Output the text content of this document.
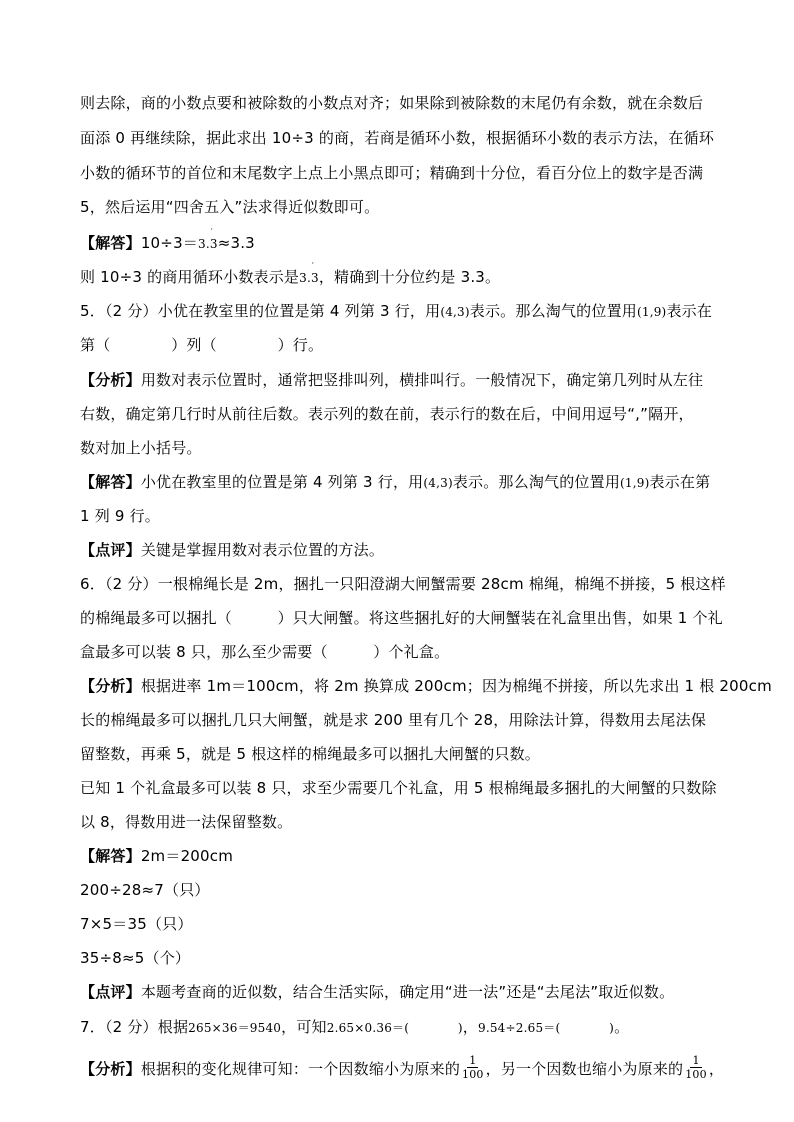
则去除，商的小数点要和被除数的小数点对齐；如果除到被除数的末尾仍有余数，就在余数后
面添 0 再继续除，据此求出 10÷3 的商，若商是循环小数，根据循环小数的表示方法，在循环
小数的循环节的首位和末尾数字上点上小黑点即可；精确到十分位，看百分位上的数字是否满
5，然后运用“四舍五入”法求得近似数即可。
【解答】10÷3＝3.3
·
≈3.3
则 10÷3 的商用循环小数表示是3.3
·
，精确到十分位约是 3.3。
5．（2 分）小优在教室里的位置是第 4 列第 3 行，用(4,3)表示。那么淘气的位置用(1,9)表示在
第（　　　　）列（　　　　）行。
【分析】用数对表示位置时，通常把竖排叫列，横排叫行。一般情况下，确定第几列时从左往
右数，确定第几行时从前往后数。表示列的数在前，表示行的数在后，中间用逗号“,”隔开，
数对加上小括号。
【解答】小优在教室里的位置是第 4 列第 3 行，用(4,3)表示。那么淘气的位置用(1,9)表示在第
1 列 9 行。
【点评】关键是掌握用数对表示位置的方法。
6．（2 分）一根棉绳长是 2m，捆扎一只阳澄湖大闸蟹需要 28cm 棉绳，棉绳不拼接，5 根这样
的棉绳最多可以捆扎（　　　）只大闸蟹。将这些捆扎好的大闸蟹装在礼盒里出售，如果 1 个礼
盒最多可以装 8 只，那么至少需要（　　　）个礼盒。
【分析】根据进率 1m＝100cm，将 2m 换算成 200cm；因为棉绳不拼接，所以先求出 1 根 200cm
长的棉绳最多可以捆扎几只大闸蟹，就是求 200 里有几个 28，用除法计算，得数用去尾法保
留整数，再乘 5，就是 5 根这样的棉绳最多可以捆扎大闸蟹的只数。
已知 1 个礼盒最多可以装 8 只，求至少需要几个礼盒，用 5 根棉绳最多捆扎的大闸蟹的只数除
以 8，得数用进一法保留整数。
【解答】2m＝200cm
200÷28≈7（只）
7×5＝35（只）
35÷8≈5（个）
【点评】本题考查商的近似数，结合生活实际，确定用“进一法”还是“去尾法”取近似数。
7．（2 分）根据265×36＝9540，可知2.65×0.36＝(　　　　)，9.54÷2.65＝(　　　　)。
【分析】根据积的变化规律可知：一个因数缩小为原来的 $\frac{1}{100}$ ，另一个因数也缩小为原来的 $\frac{1}{100}$ ，
